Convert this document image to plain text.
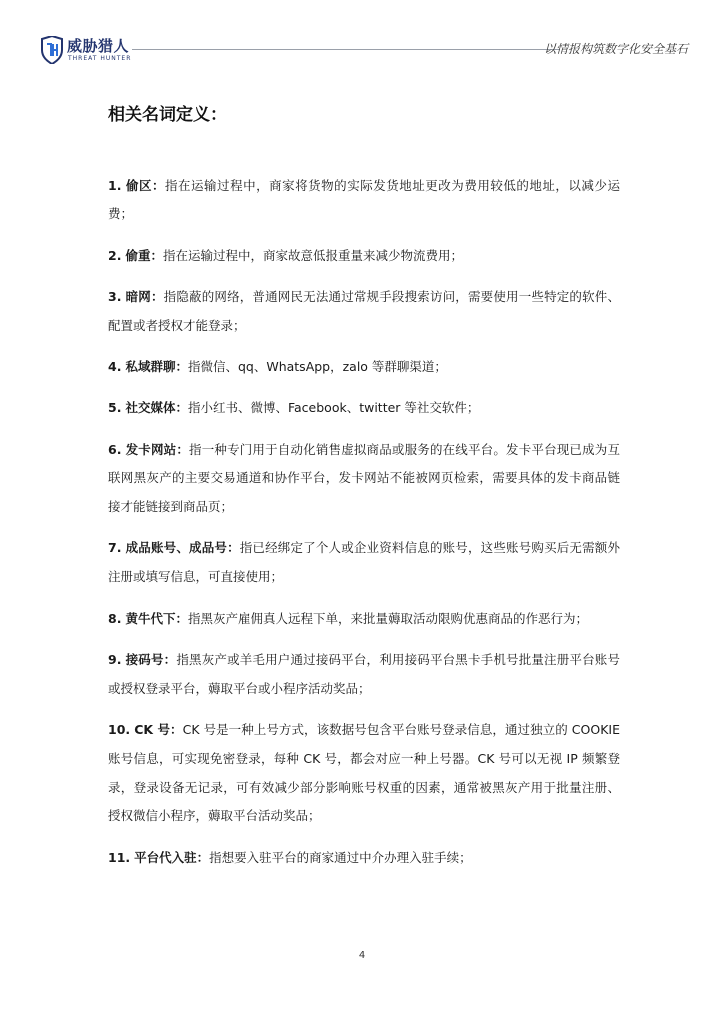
威胁猎人
THREAT HUNTER
以情报构筑数字化安全基石
相关名词定义：

1. 偷区：指在运输过程中，商家将货物的实际发货地址更改为费用较低的地址，以减少运费；

2. 偷重：指在运输过程中，商家故意低报重量来减少物流费用；

3. 暗网：指隐蔽的网络，普通网民无法通过常规手段搜索访问，需要使用一些特定的软件、配置或者授权才能登录；

4. 私域群聊：指微信、qq、WhatsApp，zalo 等群聊渠道；

5. 社交媒体：指小红书、微博、Facebook、twitter 等社交软件；

6. 发卡网站：指一种专门用于自动化销售虚拟商品或服务的在线平台。发卡平台现已成为互联网黑灰产的主要交易通道和协作平台，发卡网站不能被网页检索，需要具体的发卡商品链接才能链接到商品页；

7. 成品账号、成品号：指已经绑定了个人或企业资料信息的账号，这些账号购买后无需额外注册或填写信息，可直接使用；

8. 黄牛代下：指黑灰产雇佣真人远程下单，来批量薅取活动限购优惠商品的作恶行为；

9. 接码号：指黑灰产或羊毛用户通过接码平台，利用接码平台黑卡手机号批量注册平台账号或授权登录平台，薅取平台或小程序活动奖品；

10. CK 号：CK 号是一种上号方式，该数据号包含平台账号登录信息，通过独立的 COOKIE 账号信息，可实现免密登录，每种 CK 号，都会对应一种上号器。CK 号可以无视 IP 频繁登录，登录设备无记录，可有效减少部分影响账号权重的因素，通常被黑灰产用于批量注册、授权微信小程序，薅取平台活动奖品；

11. 平台代入驻：指想要入驻平台的商家通过中介办理入驻手续；

4
